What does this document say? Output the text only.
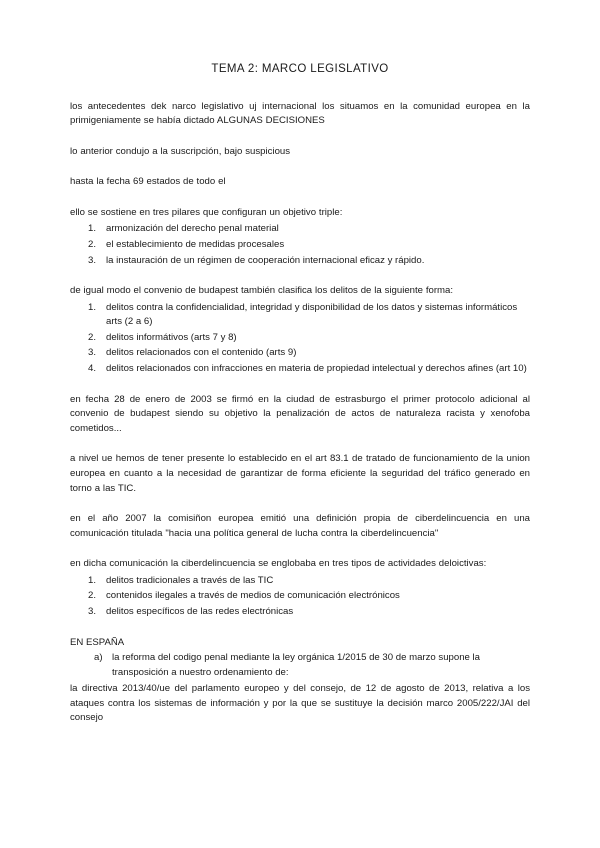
TEMA 2: MARCO LEGISLATIVO

los antecedentes dek narco legislativo uj internacional los situamos en la comunidad europea en la primigeniamente se había dictado ALGUNAS DECISIONES

lo anterior condujo a la suscripción, bajo suspicious

hasta la fecha 69 estados de todo el

ello se sostiene en tres pilares que configuran un objetivo triple:

1.	armonización del derecho penal material
2.	el establecimiento de medidas procesales
3.	la instauración de un régimen de cooperación internacional eficaz y rápido.

de igual modo el convenio de budapest también clasifica los delitos de la siguiente forma:

1.	delitos contra la confidencialidad, integridad y disponibilidad de los datos y sistemas informáticos arts (2 a 6)
2.	delitos informátivos (arts 7 y 8)
3.	delitos relacionados con el contenido (arts 9)
4.	delitos relacionados con infracciones en materia de propiedad intelectual y derechos afines (art 10)

en fecha 28 de enero de 2003 se firmó en la ciudad de estrasburgo el primer protocolo adicional al convenio de budapest siendo su objetivo la penalización de actos de naturaleza racista y xenofoba cometidos...

a nivel ue hemos de tener presente lo establecido en el art 83.1 de tratado de funcionamiento de la union europea en cuanto a la necesidad de garantizar de forma eficiente la seguridad del tráfico generado en torno a las TIC.

en el año 2007 la comisiñon europea emitió una definición propia de ciberdelincuencia en una comunicación titulada "hacia una política general de lucha contra la ciberdelincuencia"

en dicha comunicación la ciberdelincuencia se englobaba en tres tipos de actividades deloictivas:

1.	delitos tradicionales a través de las TIC
2.	contenidos ilegales a través de medios de comunicación electrónicos
3.	delitos específicos de las redes electrónicas
EN ESPAÑA
a) la reforma del codigo penal mediante la ley orgánica 1/2015 de 30 de marzo supone la transposición a nuestro ordenamiento de:

la directiva 2013/40/ue del parlamento europeo y del consejo, de 12 de agosto de 2013, relativa a los ataques contra los sistemas de información y por la que se sustituye la decisión marco 2005/222/JAI del consejo
